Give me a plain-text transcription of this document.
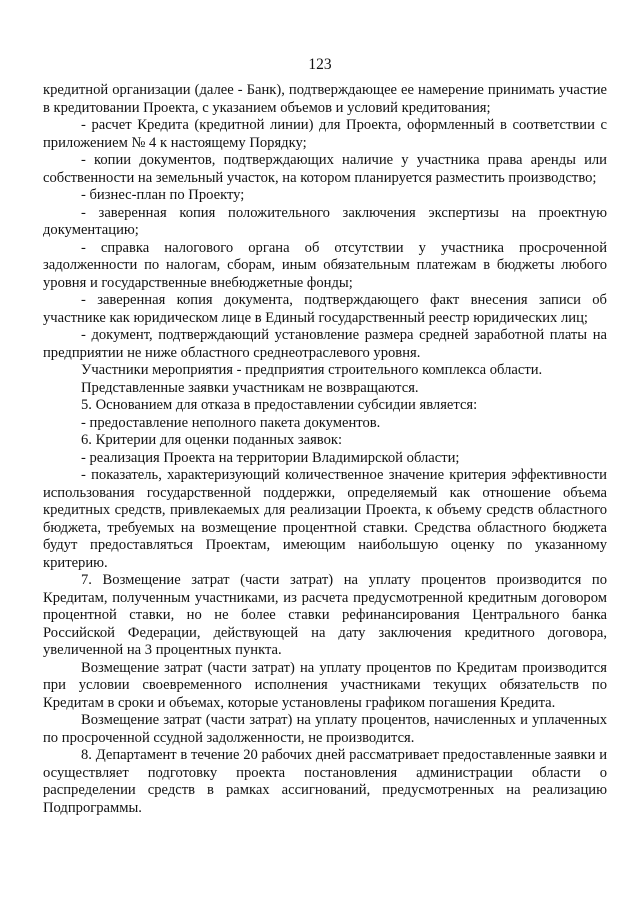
123

кредитной организации (далее - Банк), подтверждающее ее намерение принимать участие в кредитовании Проекта, с указанием объемов и условий кредитования;

- расчет Кредита (кредитной линии) для Проекта, оформленный в соответствии с приложением № 4 к настоящему Порядку;

- копии документов, подтверждающих наличие у участника права аренды или собственности на земельный участок, на котором планируется разместить производство;

- бизнес-план по Проекту;

- заверенная копия положительного заключения экспертизы на проектную документацию;

- справка налогового органа об отсутствии у участника просроченной задолженности по налогам, сборам, иным обязательным платежам в бюджеты любого уровня и государственные внебюджетные фонды;

- заверенная копия документа, подтверждающего факт внесения записи об участнике как юридическом лице в Единый государственный реестр юридических лиц;

- документ, подтверждающий установление размера средней заработной платы на предприятии не ниже областного среднеотраслевого уровня.

Участники мероприятия - предприятия строительного комплекса области.

Представленные заявки участникам не возвращаются.

5. Основанием для отказа в предоставлении субсидии является:

- предоставление неполного пакета документов.

6. Критерии для оценки поданных заявок:

- реализация Проекта на территории Владимирской области;

- показатель, характеризующий количественное значение критерия эффективности использования государственной поддержки, определяемый как отношение объема кредитных средств, привлекаемых для реализации Проекта, к объему средств областного бюджета, требуемых на возмещение процентной ставки. Средства областного бюджета будут предоставляться Проектам, имеющим наибольшую оценку по указанному критерию.

7. Возмещение затрат (части затрат) на уплату процентов производится по Кредитам, полученным участниками, из расчета предусмотренной кредитным договором процентной ставки, но не более ставки рефинансирования Центрального банка Российской Федерации, действующей на дату заключения кредитного договора, увеличенной на 3 процентных пункта.

Возмещение затрат (части затрат) на уплату процентов по Кредитам производится при условии своевременного исполнения участниками текущих обязательств по Кредитам в сроки и объемах, которые установлены графиком погашения Кредита.

Возмещение затрат (части затрат) на уплату процентов, начисленных и уплаченных по просроченной ссудной задолженности, не производится.

8. Департамент в течение 20 рабочих дней рассматривает предоставленные заявки и осуществляет подготовку проекта постановления администрации области о распределении средств в рамках ассигнований, предусмотренных на реализацию Подпрограммы.
